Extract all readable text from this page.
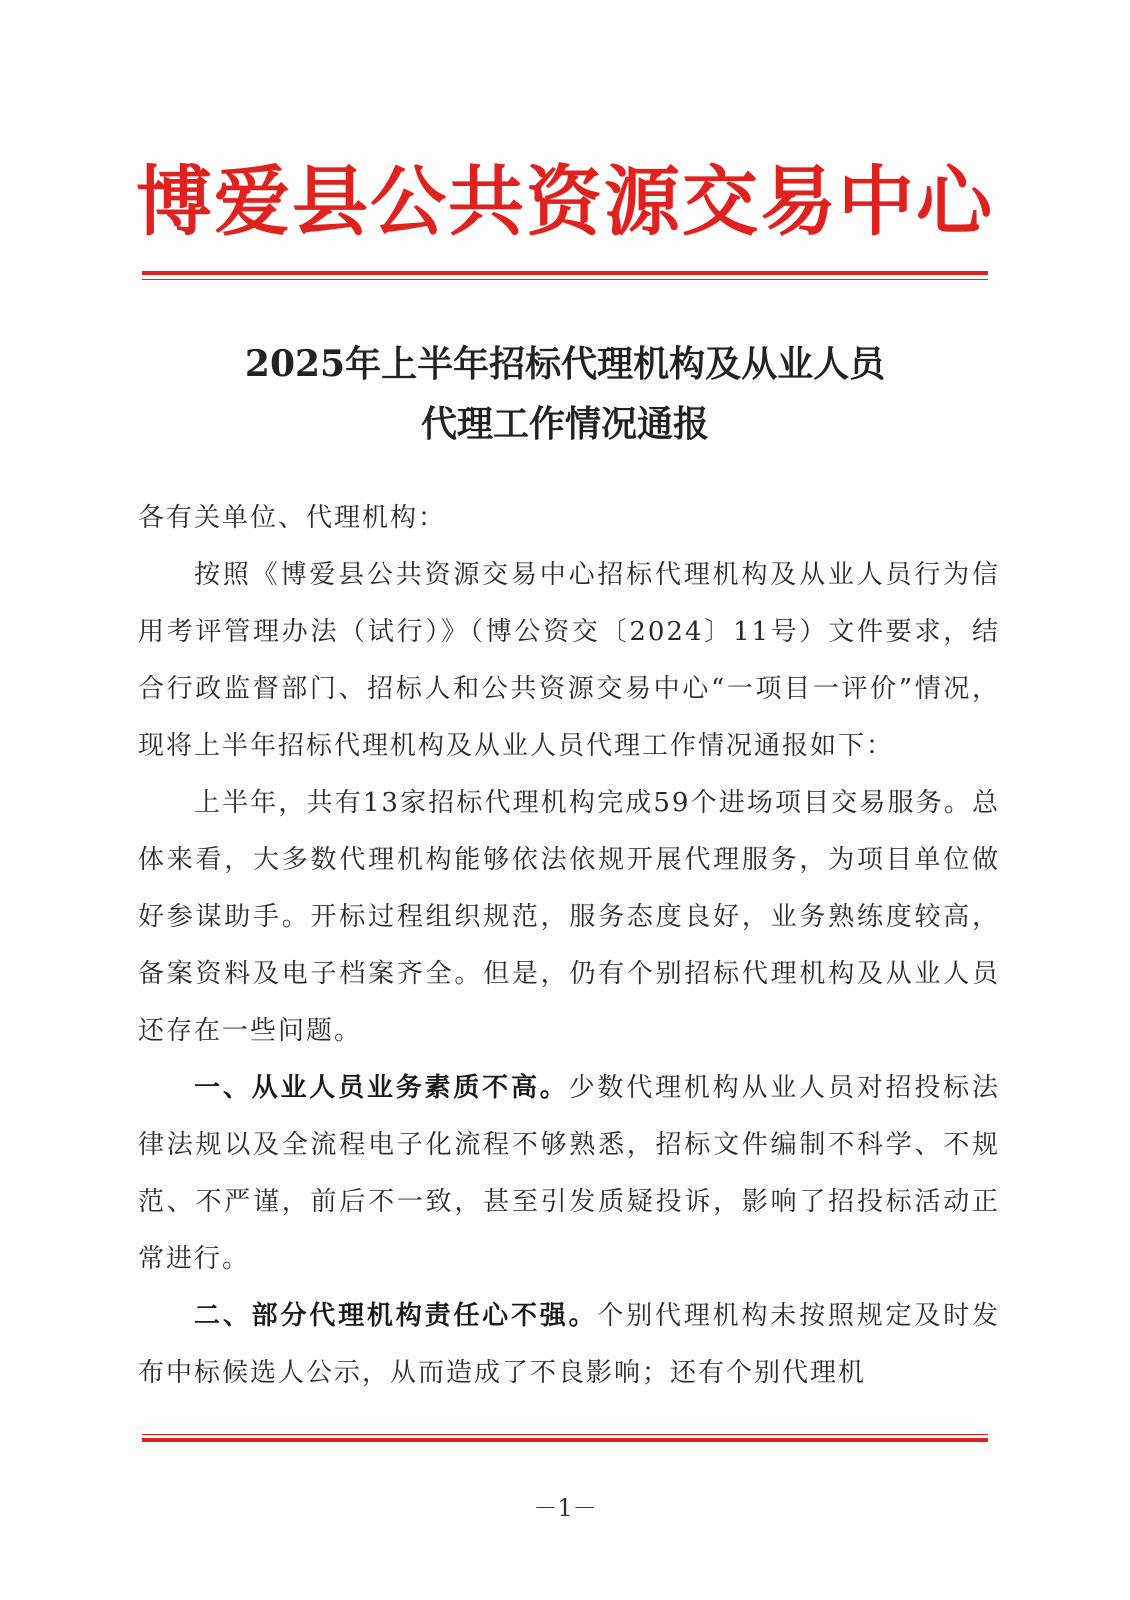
博爱县公共资源交易中心
2025年上半年招标代理机构及从业人员
代理工作情况通报

各有关单位、代理机构：

按照《博爱县公共资源交易中心招标代理机构及从业人员行为信用考评管理办法（试行）》（博公资交〔2024〕11号）文件要求，结合行政监督部门、招标人和公共资源交易中心“一项目一评价”情况，现将上半年招标代理机构及从业人员代理工作情况通报如下：

上半年，共有13家招标代理机构完成59个进场项目交易服务。总体来看，大多数代理机构能够依法依规开展代理服务，为项目单位做好参谋助手。开标过程组织规范，服务态度良好，业务熟练度较高，备案资料及电子档案齐全。但是，仍有个别招标代理机构及从业人员还存在一些问题。

一、从业人员业务素质不高。少数代理机构从业人员对招投标法律法规以及全流程电子化流程不够熟悉，招标文件编制不科学、不规范、不严谨，前后不一致，甚至引发质疑投诉，影响了招投标活动正常进行。

二、部分代理机构责任心不强。个别代理机构未按照规定及时发布中标候选人公示，从而造成了不良影响；还有个别代理机

－1－
